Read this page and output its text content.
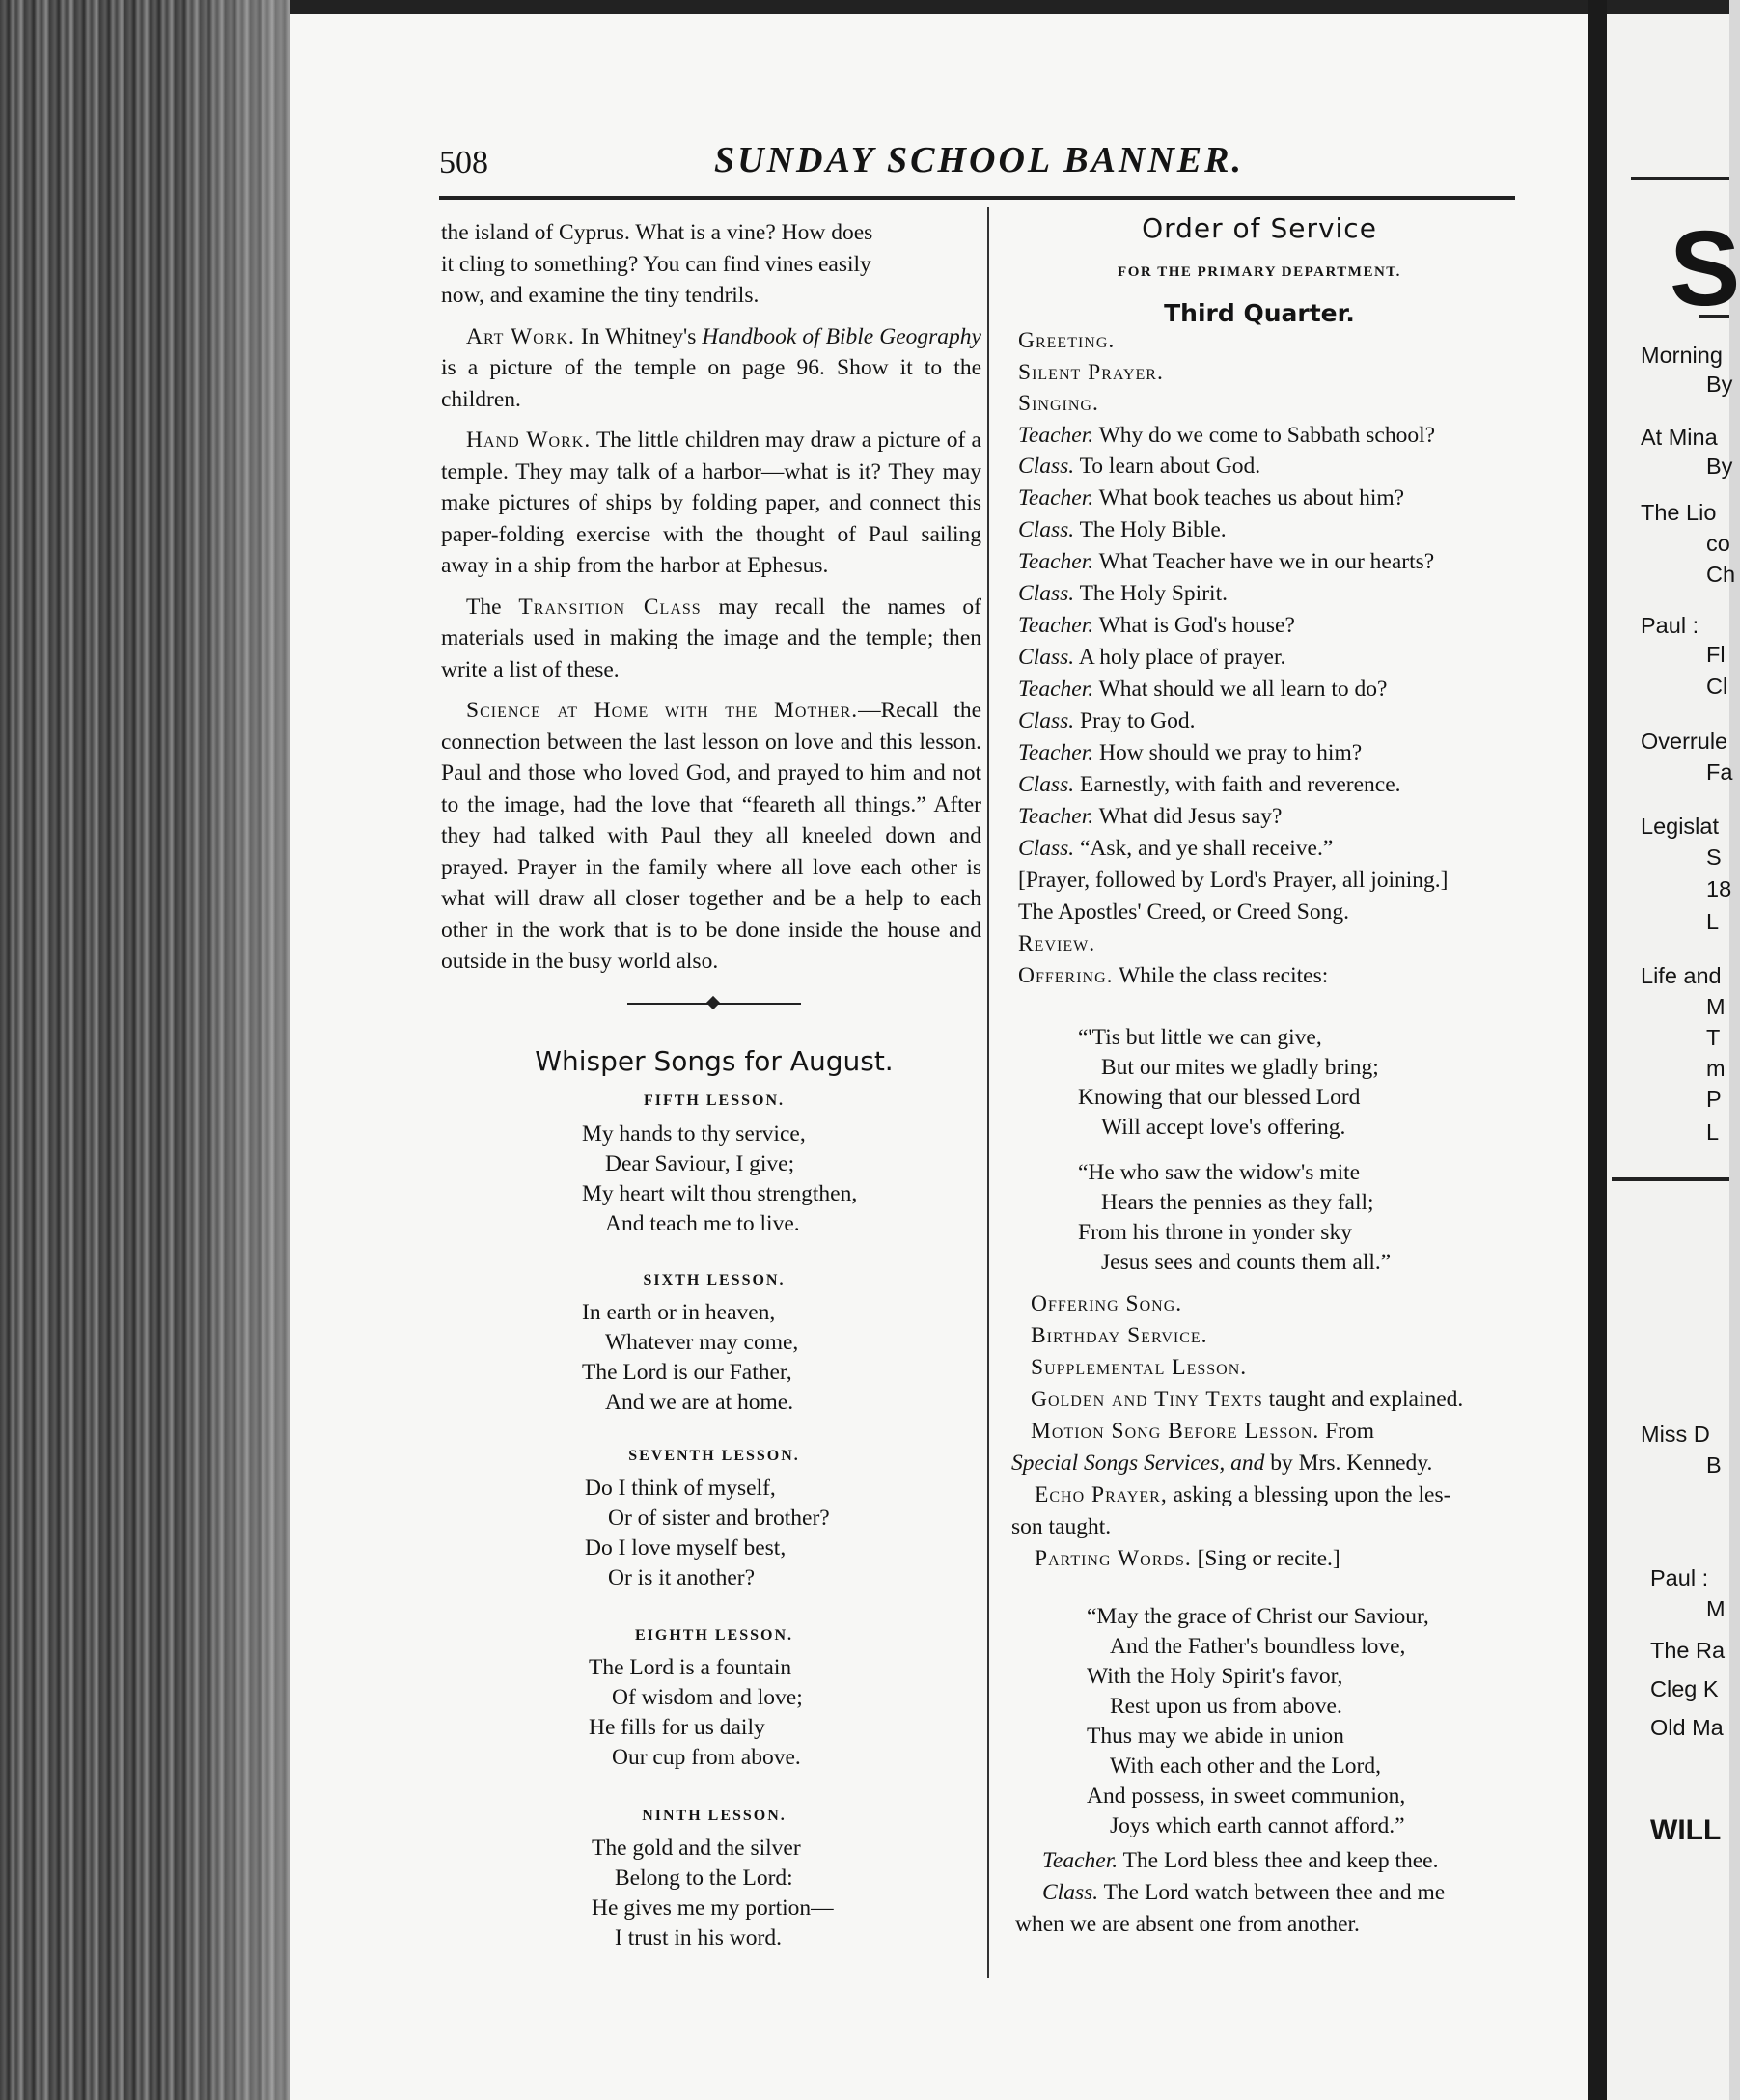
508	SUNDAY SCHOOL BANNER.

the island of Cyprus. What is a vine? How does
it cling to something? You can find vines easily
now, and examine the tiny tendrils.

Art Work. In Whitney's Handbook of Bible Geography is a picture of the temple on page 96. Show it to the children.

Hand Work. The little children may draw a picture of a temple. They may talk of a harbor—what is it? They may make pictures of ships by folding paper, and connect this paper-folding exercise with the thought of Paul sailing away in a ship from the harbor at Ephesus.

The Transition Class may recall the names of materials used in making the image and the temple; then write a list of these.

Science at Home with the Mother.—Recall the connection between the last lesson on love and this lesson. Paul and those who loved God, and prayed to him and not to the image, had the love that “feareth all things.” After they had talked with Paul they all kneeled down and prayed. Prayer in the family where all love each other is what will draw all closer together and be a help to each other in the work that is to be done inside the house and outside in the busy world also.

Whisper Songs for August.
FIFTH LESSON.
My hands to thy service,
Dear Saviour, I give;
My heart wilt thou strengthen,
And teach me to live.
SIXTH LESSON.
In earth or in heaven,
Whatever may come,
The Lord is our Father,
And we are at home.
SEVENTH LESSON.
Do I think of myself,
Or of sister and brother?
Do I love myself best,
Or is it another?
EIGHTH LESSON.
The Lord is a fountain
Of wisdom and love;
He fills for us daily
Our cup from above.
NINTH LESSON.
The gold and the silver
Belong to the Lord:
He gives me my portion—
I trust in his word.
Order of Service
FOR THE PRIMARY DEPARTMENT.
Third Quarter.
Greeting.
Silent Prayer.
Singing.
Teacher. Why do we come to Sabbath school?
Class. To learn about God.
Teacher. What book teaches us about him?
Class. The Holy Bible.
Teacher. What Teacher have we in our hearts?
Class. The Holy Spirit.
Teacher. What is God's house?
Class. A holy place of prayer.
Teacher. What should we all learn to do?
Class. Pray to God.
Teacher. How should we pray to him?
Class. Earnestly, with faith and reverence.
Teacher. What did Jesus say?
Class. “Ask, and ye shall receive.”
[Prayer, followed by Lord's Prayer, all joining.]
The Apostles' Creed, or Creed Song.
Review.
Offering. While the class recites:
“'Tis but little we can give,
But our mites we gladly bring;
Knowing that our blessed Lord
Will accept love's offering.
“He who saw the widow's mite
Hears the pennies as they fall;
From his throne in yonder sky
Jesus sees and counts them all.”
Offering Song.
Birthday Service.
Supplemental Lesson.
Golden and Tiny Texts taught and explained.
Motion Song Before Lesson. From
Special Songs Services, and by Mrs. Kennedy.
Echo Prayer, asking a blessing upon the les-
son taught.
Parting Words. [Sing or recite.]
“May the grace of Christ our Saviour,
And the Father's boundless love,
With the Holy Spirit's favor,
Rest upon us from above.
Thus may we abide in union
With each other and the Lord,
And possess, in sweet communion,
Joys which earth cannot afford.”
Teacher. The Lord bless thee and keep thee.
Class. The Lord watch between thee and me
when we are absent one from another.
S
Morning
By
At Mina
By
The Lio
co
Ch
Paul :
Fl
Cl
Overrule
Fa
Legislat
S
18
L
Life and
M
T
m
P
L
Miss D
B
Paul :
M
The Ra
Cleg K
Old Ma
WILL
